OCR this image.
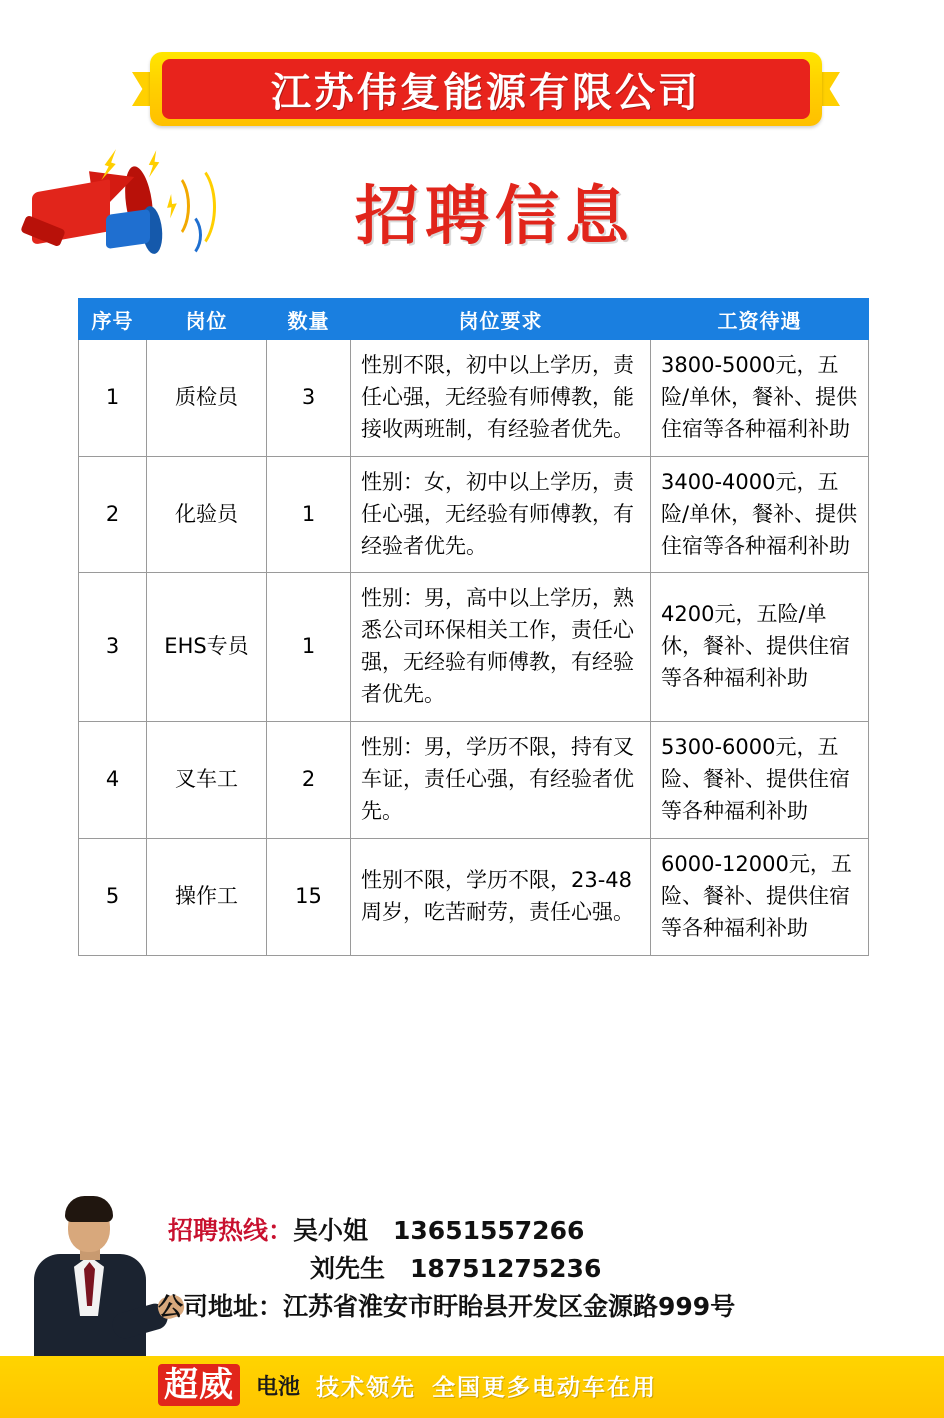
江苏伟复能源有限公司
招聘信息
序号	岗位	数量	岗位要求	工资待遇
1	质检员	3	性别不限，初中以上学历，责任心强，无经验有师傅教，能接收两班制，有经验者优先。	3800-5000元，五险/单休，餐补、提供住宿等各种福利补助
2	化验员	1	性别：女，初中以上学历，责任心强，无经验有师傅教，有经验者优先。	3400-4000元，五险/单休，餐补、提供住宿等各种福利补助
3	EHS专员	1	性别：男，高中以上学历，熟悉公司环保相关工作，责任心强，无经验有师傅教，有经验者优先。	4200元，五险/单休，餐补、提供住宿等各种福利补助
4	叉车工	2	性别：男，学历不限，持有叉车证，责任心强，有经验者优先。	5300-6000元，五险、餐补、提供住宿等各种福利补助
5	操作工	15	性别不限，学历不限，23-48周岁，吃苦耐劳，责任心强。	6000-12000元，五险、餐补、提供住宿等各种福利补助
招聘热线：吴小姐　13651557266
刘先生　18751275236
公司地址：江苏省淮安市盱眙县开发区金源路999号
超威 电池 技术领先 全国更多电动车在用
